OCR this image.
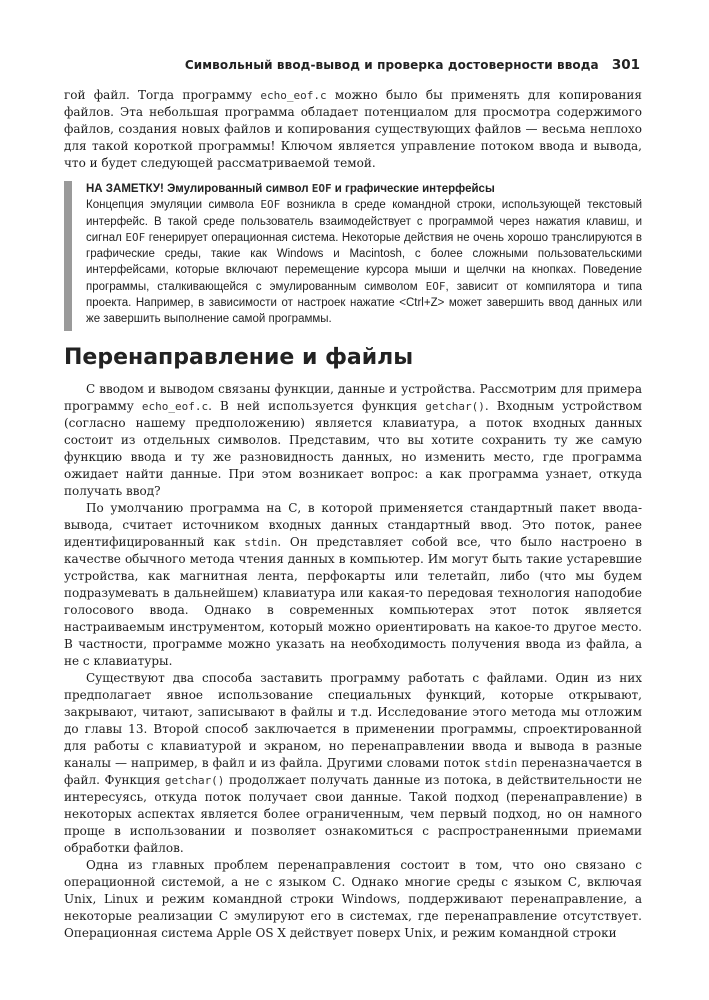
Символьный ввод-вывод и проверка достоверности ввода 301

гой файл. Тогда программу echo_eof.c можно было бы применять для копирования файлов. Эта небольшая программа обладает потенциалом для просмотра содержимого файлов, создания новых файлов и копирования существующих файлов — весьма неплохо для такой короткой программы! Ключом является управление потоком ввода и вывода, что и будет следующей рассматриваемой темой.

НА ЗАМЕТКУ! Эмулированный символ EOF и графические интерфейсы

Концепция эмуляции символа EOF возникла в среде командной строки, использующей текстовый интерфейс. В такой среде пользователь взаимодействует с программой через нажатия клавиш, и сигнал EOF генерирует операционная система. Некоторые действия не очень хорошо транслируются в графические среды, такие как Windows и Macintosh, с более сложными пользовательскими интерфейсами, которые включают перемещение курсора мыши и щелчки на кнопках. Поведение программы, сталкивающейся с эмулированным символом EOF, зависит от компилятора и типа проекта. Например, в зависимости от настроек нажатие <Ctrl+Z> может завершить ввод данных или же завершить выполнение самой программы.

Перенаправление и файлы

С вводом и выводом связаны функции, данные и устройства. Рассмотрим для примера программу echo_eof.c. В ней используется функция getchar(). Входным устройством (согласно нашему предположению) является клавиатура, а поток входных данных состоит из отдельных символов. Представим, что вы хотите сохранить ту же самую функцию ввода и ту же разновидность данных, но изменить место, где программа ожидает найти данные. При этом возникает вопрос: а как программа узнает, откуда получать ввод?

По умолчанию программа на С, в которой применяется стандартный пакет ввода-вывода, считает источником входных данных стандартный ввод. Это поток, ранее идентифицированный как stdin. Он представляет собой все, что было настроено в качестве обычного метода чтения данных в компьютер. Им могут быть такие устаревшие устройства, как магнитная лента, перфокарты или телетайп, либо (что мы будем подразумевать в дальнейшем) клавиатура или какая-то передовая технология наподобие голосового ввода. Однако в современных компьютерах этот поток является настраиваемым инструментом, который можно ориентировать на какое-то другое место. В частности, программе можно указать на необходимость получения ввода из файла, а не с клавиатуры.

Существуют два способа заставить программу работать с файлами. Один из них предполагает явное использование специальных функций, которые открывают, закрывают, читают, записывают в файлы и т.д. Исследование этого метода мы отложим до главы 13. Второй способ заключается в применении программы, спроектированной для работы с клавиатурой и экраном, но перенаправлении ввода и вывода в разные каналы — например, в файл и из файла. Другими словами поток stdin переназначается в файл. Функция getchar() продолжает получать данные из потока, в действительности не интересуясь, откуда поток получает свои данные. Такой подход (перенаправление) в некоторых аспектах является более ограниченным, чем первый подход, но он намного проще в использовании и позволяет ознакомиться с распространенными приемами обработки файлов.

Одна из главных проблем перенаправления состоит в том, что оно связано с операционной системой, а не с языком С. Однако многие среды с языком С, включая Unix, Linux и режим командной строки Windows, поддерживают перенаправление, а некоторые реализации С эмулируют его в системах, где перенаправление отсутствует. Операционная система Apple OS X действует поверх Unix, и режим командной строки
